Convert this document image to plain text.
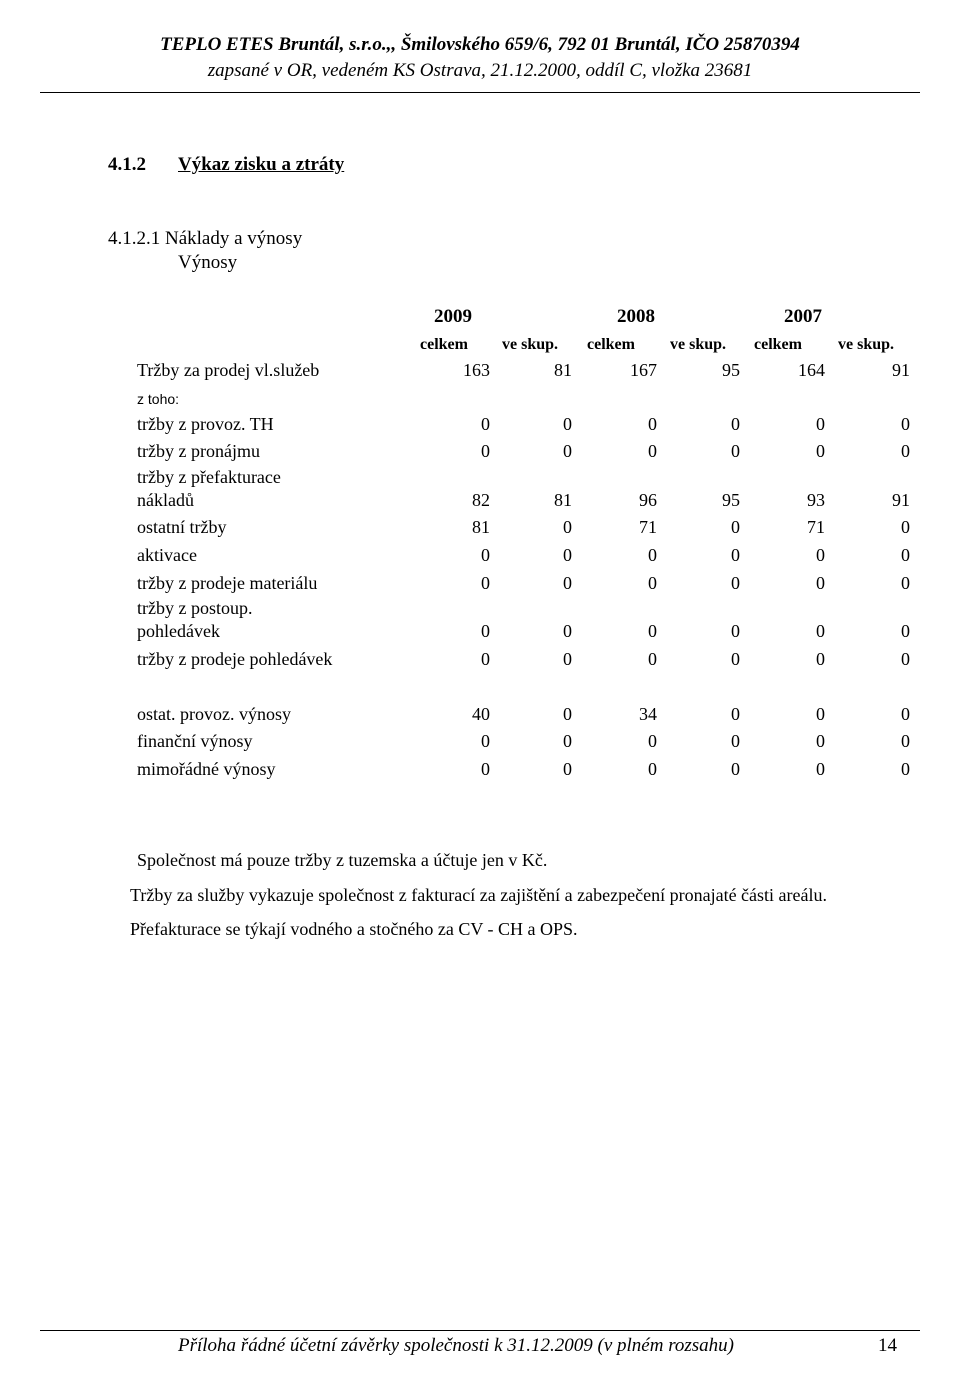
TEPLO ETES Bruntál, s.r.o.,, Šmilovského 659/6, 792 01 Bruntál, IČO 25870394
zapsané v OR, vedeném KS Ostrava, 21.12.2000, oddíl C, vložka 23681
4.1.2 Výkaz zisku a ztráty
4.1.2.1 Náklady a výnosy
Výnosy
2009	2008	2007
celkem	ve skup.	celkem	ve skup.	celkem	ve skup.
Tržby za prodej vl.služeb	163	81	167	95	164	91
z toho:
tržby z provoz. TH	0	0	0	0	0	0
tržby z pronájmu	0	0	0	0	0	0
tržby z přefakturace
nákladů	82	81	96	95	93	91
ostatní tržby	81	0	71	0	71	0
aktivace	0	0	0	0	0	0
tržby z prodeje materiálu	0	0	0	0	0	0
tržby z postoup.
pohledávek	0	0	0	0	0	0
tržby z prodeje pohledávek	0	0	0	0	0	0
ostat. provoz. výnosy	40	0	34	0	0	0
finanční výnosy	0	0	0	0	0	0
mimořádné výnosy	0	0	0	0	0	0
Společnost má pouze tržby z tuzemska a účtuje jen v Kč.
Tržby za služby vykazuje společnost z fakturací za zajištění a zabezpečení pronajaté části areálu.
Přefakturace se týkají vodného a stočného za CV - CH a OPS.
Příloha řádné účetní závěrky společnosti k 31.12.2009 (v plném rozsahu)	14
